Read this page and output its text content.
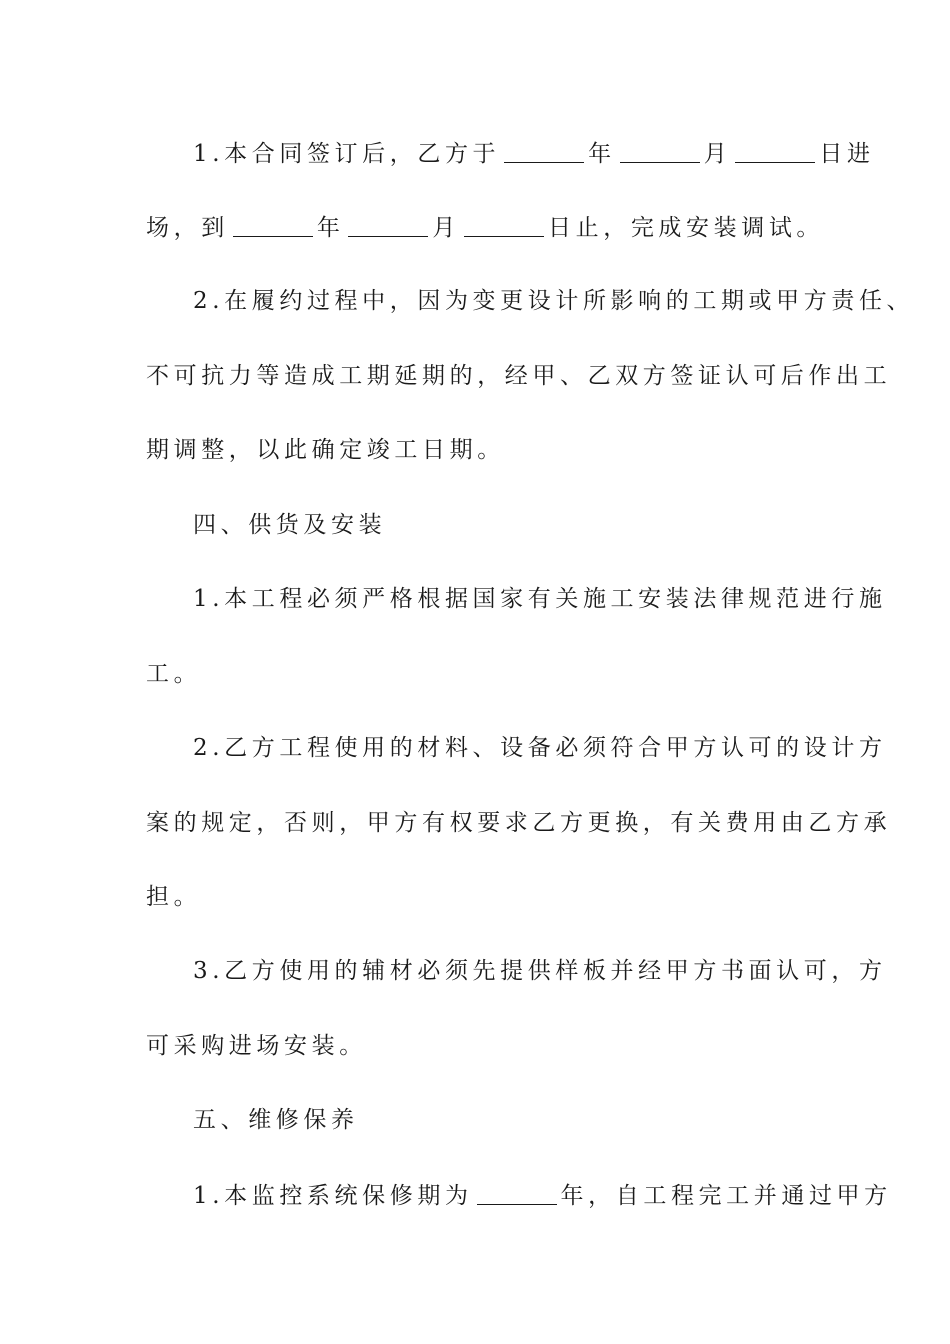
1.本合同签订后，乙方于	年	月	日进
场，到	年	月	日止，完成安装调试。
2.在履约过程中，因为变更设计所影响的工期或甲方责任、
不可抗力等造成工期延期的，经甲、乙双方签证认可后作出工
期调整，以此确定竣工日期。
四、供货及安装
1.本工程必须严格根据国家有关施工安装法律规范进行施
工。
2.乙方工程使用的材料、设备必须符合甲方认可的设计方
案的规定，否则，甲方有权要求乙方更换，有关费用由乙方承
担。
3.乙方使用的辅材必须先提供样板并经甲方书面认可，方
可采购进场安装。
五、维修保养
1.本监控系统保修期为	年，自工程完工并通过甲方
